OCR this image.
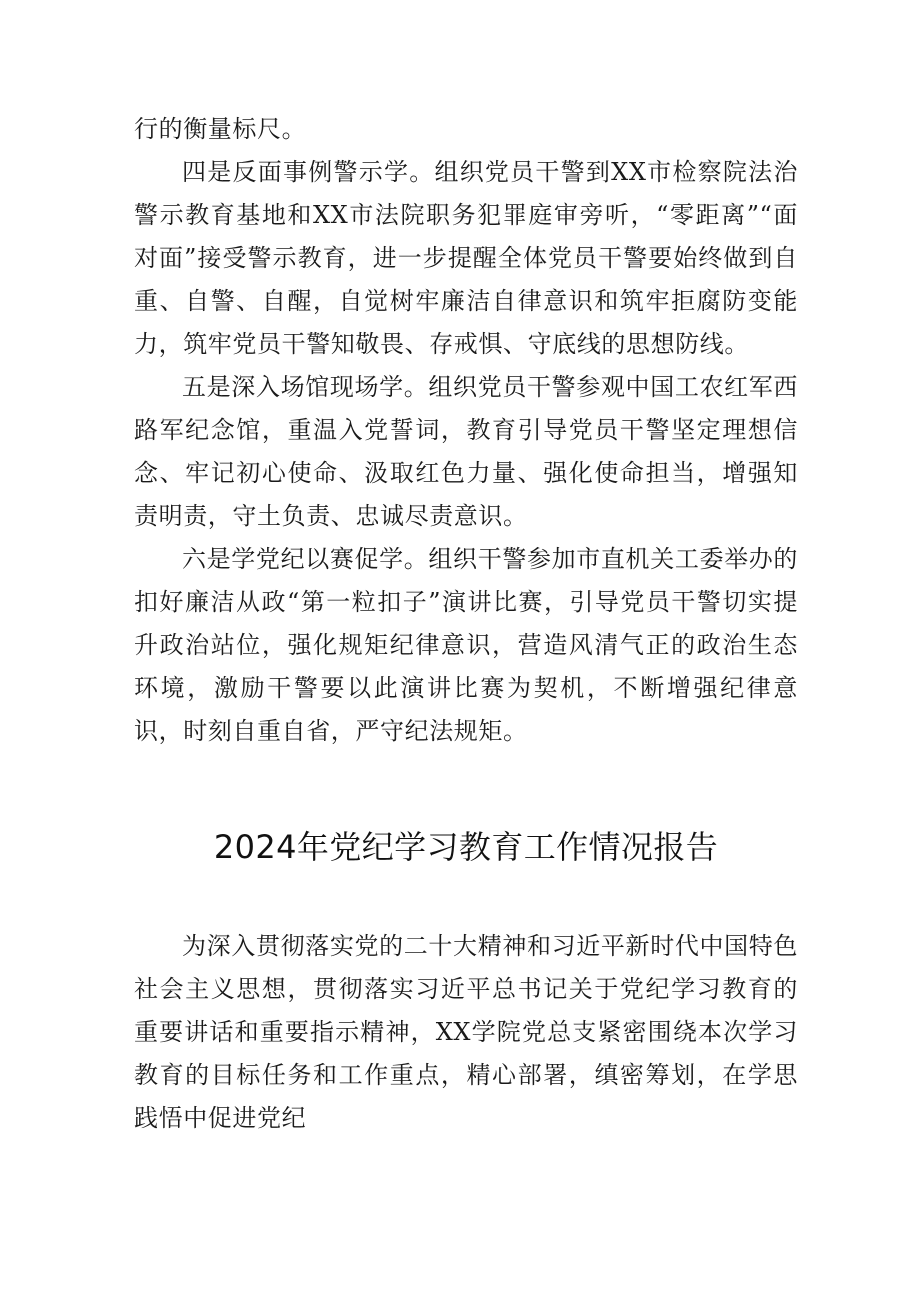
行的衡量标尺。

四是反面事例警示学。组织党员干警到XX市检察院法治警示教育基地和XX市法院职务犯罪庭审旁听，“零距离”“面对面”接受警示教育，进一步提醒全体党员干警要始终做到自重、自警、自醒，自觉树牢廉洁自律意识和筑牢拒腐防变能力，筑牢党员干警知敬畏、存戒惧、守底线的思想防线。

五是深入场馆现场学。组织党员干警参观中国工农红军西路军纪念馆，重温入党誓词，教育引导党员干警坚定理想信念、牢记初心使命、汲取红色力量、强化使命担当，增强知责明责，守土负责、忠诚尽责意识。

六是学党纪以赛促学。组织干警参加市直机关工委举办的扣好廉洁从政“第一粒扣子”演讲比赛，引导党员干警切实提升政治站位，强化规矩纪律意识，营造风清气正的政治生态环境，激励干警要以此演讲比赛为契机，不断增强纪律意识，时刻自重自省，严守纪法规矩。

2024年党纪学习教育工作情况报告

为深入贯彻落实党的二十大精神和习近平新时代中国特色社会主义思想，贯彻落实习近平总书记关于党纪学习教育的重要讲话和重要指示精神，XX学院党总支紧密围绕本次学习教育的目标任务和工作重点，精心部署，缜密筹划，在学思践悟中促进党纪
